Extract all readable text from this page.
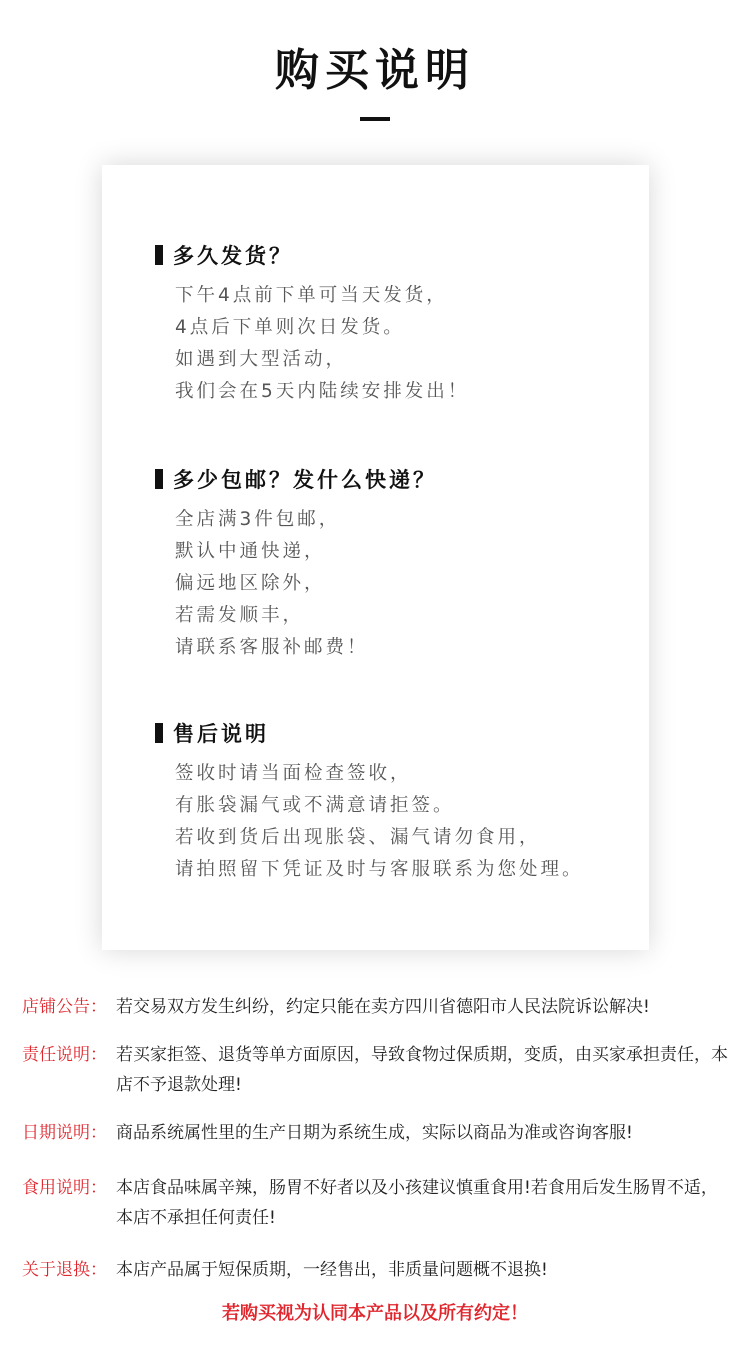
购买说明
多久发货？
下午4点前下单可当天发货，
4点后下单则次日发货。
如遇到大型活动，
我们会在5天内陆续安排发出！
多少包邮？发什么快递？
全店满3件包邮，
默认中通快递，
偏远地区除外，
若需发顺丰，
请联系客服补邮费！
售后说明
签收时请当面检查签收，
有胀袋漏气或不满意请拒签。
若收到货后出现胀袋、漏气请勿食用，
请拍照留下凭证及时与客服联系为您处理。
店铺公告： 若交易双方发生纠纷，约定只能在卖方四川省德阳市人民法院诉讼解决!
责任说明： 若买家拒签、退货等单方面原因，导致食物过保质期，变质，由买家承担责任，本店不予退款处理!
日期说明： 商品系统属性里的生产日期为系统生成，实际以商品为准或咨询客服!
食用说明： 本店食品味属辛辣，肠胃不好者以及小孩建议慎重食用!若食用后发生肠胃不适，本店不承担任何责任!
关于退换： 本店产品属于短保质期，一经售出，非质量问题概不退换!
若购买视为认同本产品以及所有约定！
